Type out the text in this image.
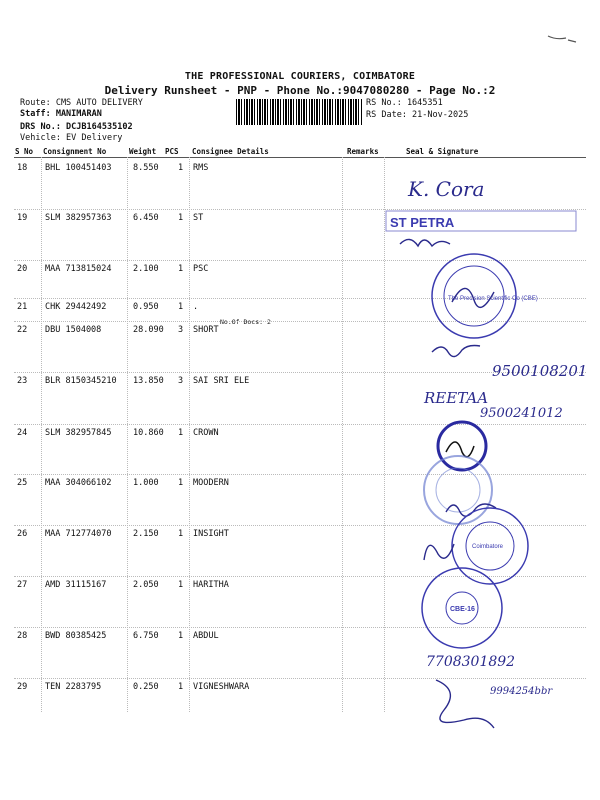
THE PROFESSIONAL COURIERS, COIMBATORE
Delivery Runsheet - PNP - Phone No.:9047080280 - Page No.:2
Route: CMS AUTO DELIVERY
Staff: MANIMARAN
DRS No.: DCJB164535102
Vehicle: EV Delivery
RS No.: 1645351
RS Date: 21-Nov-2025
S No Consignment No	Weight PCS Consignee Details	Remarks	Seal & Signature
18 BHL 100451403	8.550 1 RMS
19 SLM 382957363	6.450 1 ST
20 MAA 713815024	2.100 1 PSC
21 CHK 29442492	0.950 1 .
No.Of Docs: 2
22 DBU 1504008	28.090 3 SHORT
23 BLR 8150345210 13.850 3 SAI SRI ELE
24 SLM 382957845	10.860 1 CROWN
25 MAA 304066102	1.000 1 MOODERN
26 MAA 712774070	2.150 1 INSIGHT
27 AMD 31115167	2.050 1 HARITHA
28 BWD 80385425	6.750 1 ABDUL
29 TEN 2283795	0.250 1 VIGNESHWARA
K. Cora
ST PETRA
The Precision Scientific Co (CBE)
9500108201
REETAA
9500241012
Coimbatore
CBE-16
7708301892
9994254bbr
